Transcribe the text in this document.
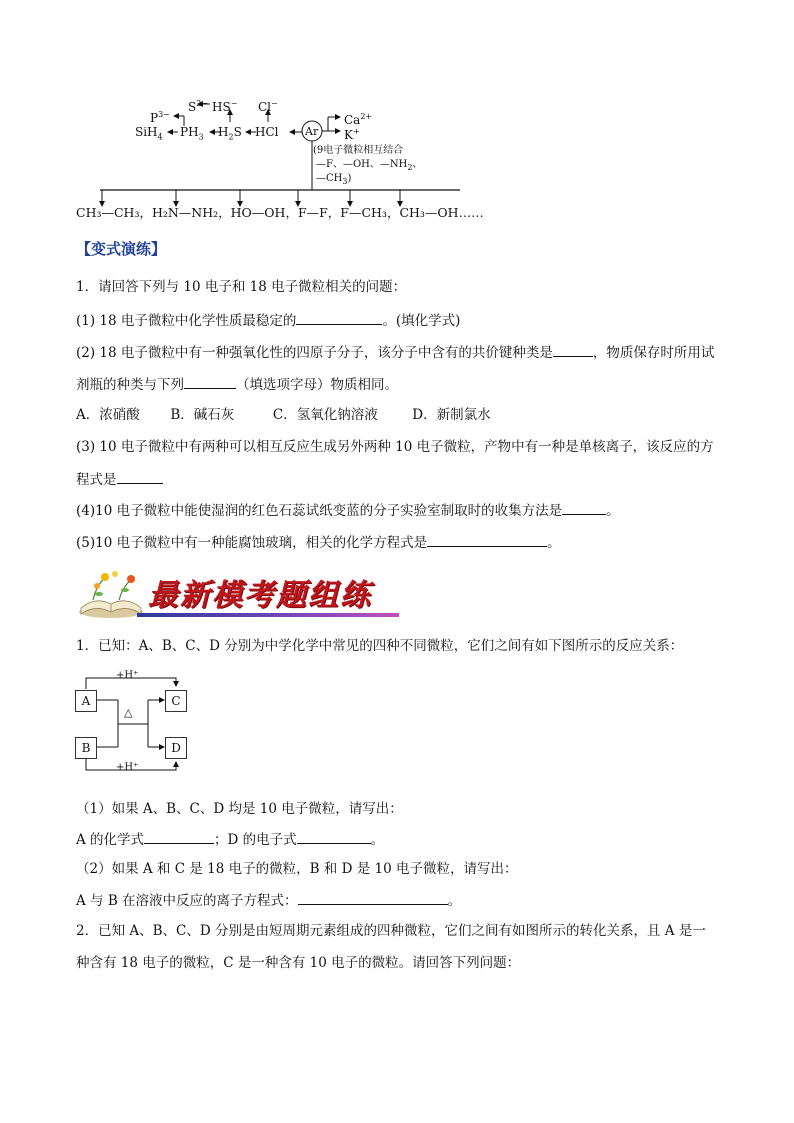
$S^{2-}$ HS− Cl−
$P^{3-}$	$Ca^{2+}$
SiH$_4$ $PH_3$ $H_2S$ HCl Ar K+
(9电子微粒相互结合
—F、—OH、$—NH_2$、
$—CH_3$)
CH₃—CH₃，H₂N—NH₂，HO—OH，F—F，F—CH₃，CH₃—OH……
【变式演练】
1．请回答下列与 10 电子和 18 电子微粒相关的问题：
(1) 18 电子微粒中化学性质最稳定的	。(填化学式)
(2) 18 电子微粒中有一种强氧化性的四原子分子，该分子中含有的共价键种类是	，物质保存时所用试
剂瓶的种类与下列	（填选项字母）物质相同。
A．浓硝酸 B．碱石灰	C．氢氧化钠溶液	D．新制氯水
(3) 10 电子微粒中有两种可以相互反应生成另外两种 10 电子微粒，产物中有一种是单核离子，该反应的方
程式是
(4)10 电子微粒中能使湿润的红色石蕊试纸变蓝的分子实验室制取时的收集方法是	。
(5)10 电子微粒中有一种能腐蚀玻璃，相关的化学方程式是	。
最新模考题组练
1．已知：A、B、C、D 分别为中学化学中常见的四种不同微粒，它们之间有如下图所示的反应关系：
A
B
C
D
+H⁺
+H⁺
△
（1）如果 A、B、C、D 均是 10 电子微粒，请写出：
A 的化学式	；D 的电子式	。
（2）如果 A 和 C 是 18 电子的微粒，B 和 D 是 10 电子微粒，请写出：
A 与 B 在溶液中反应的离子方程式：	。
2．已知 A、B、C、D 分别是由短周期元素组成的四种微粒，它们之间有如图所示的转化关系，且 A 是一
种含有 18 电子的微粒，C 是一种含有 10 电子的微粒。请回答下列问题：
